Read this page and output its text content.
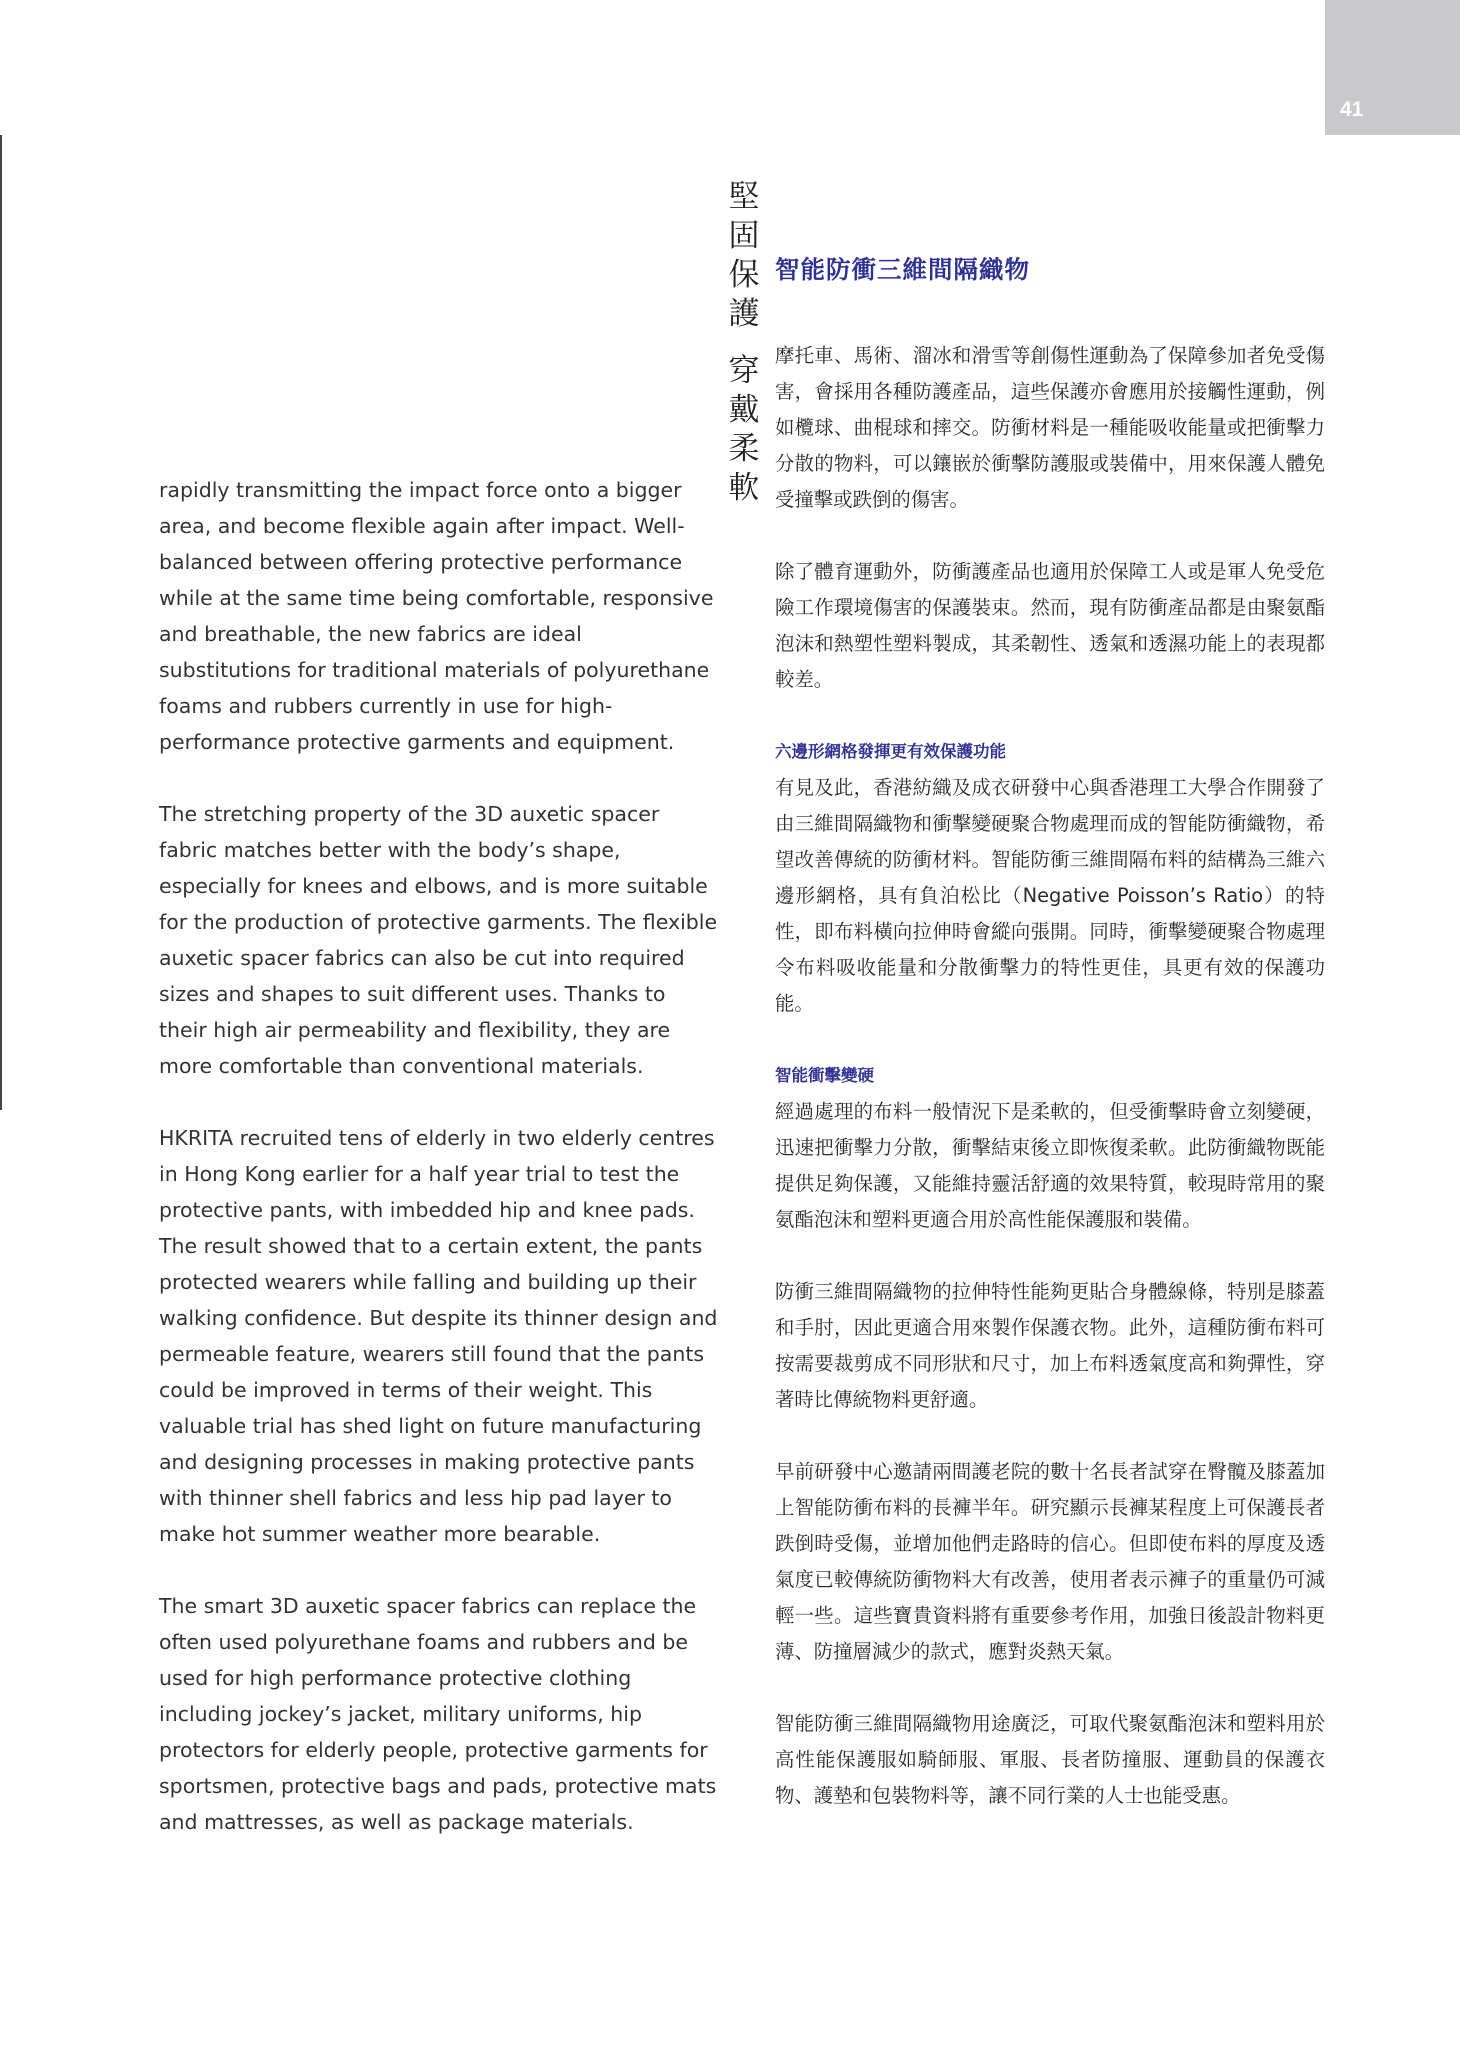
41

rapidly transmitting the impact force onto a bigger area, and become flexible again after impact. Well-balanced between offering protective performance while at the same time being comfortable, responsive and breathable, the new fabrics are ideal substitutions for traditional materials of polyurethane foams and rubbers currently in use for high-performance protective garments and equipment.

The stretching property of the 3D auxetic spacer fabric matches better with the body’s shape, especially for knees and elbows, and is more suitable for the production of protective garments. The flexible auxetic spacer fabrics can also be cut into required sizes and shapes to suit different uses. Thanks to their high air permeability and flexibility, they are more comfortable than conventional materials.

HKRITA recruited tens of elderly in two elderly centres in Hong Kong earlier for a half year trial to test the protective pants, with imbedded hip and knee pads. The result showed that to a certain extent, the pants protected wearers while falling and building up their walking confidence. But despite its thinner design and permeable feature, wearers still found that the pants could be improved in terms of their weight. This valuable trial has shed light on future manufacturing and designing processes in making protective pants with thinner shell fabrics and less hip pad layer to make hot summer weather more bearable.

The smart 3D auxetic spacer fabrics can replace the often used polyurethane foams and rubbers and be used for high performance protective clothing including jockey’s jacket, military uniforms, hip protectors for elderly people, protective garments for sportsmen, protective bags and pads, protective mats and mattresses, as well as package materials.

堅
固
保
護
穿
戴
柔
軟
智能防衝三維間隔織物

摩托車、馬術、溜冰和滑雪等創傷性運動為了保障參加者免受傷害，會採用各種防護產品，這些保護亦會應用於接觸性運動，例如欖球、曲棍球和摔交。防衝材料是一種能吸收能量或把衝擊力分散的物料，可以鑲嵌於衝擊防護服或裝備中，用來保護人體免受撞擊或跌倒的傷害。

除了體育運動外，防衝護產品也適用於保障工人或是軍人免受危險工作環境傷害的保護裝束。然而，現有防衝產品都是由聚氨酯泡沫和熱塑性塑料製成，其柔韌性、透氣和透濕功能上的表現都較差。

六邊形網格發揮更有效保護功能

有見及此，香港紡織及成衣研發中心與香港理工大學合作開發了由三維間隔織物和衝擊變硬聚合物處理而成的智能防衝織物，希望改善傳統的防衝材料。智能防衝三維間隔布料的結構為三維六邊形網格，具有負泊松比（Negative Poisson’s Ratio）的特性，即布料橫向拉伸時會縱向張開。同時，衝擊變硬聚合物處理令布料吸收能量和分散衝擊力的特性更佳，具更有效的保護功能。

智能衝擊變硬

經過處理的布料一般情況下是柔軟的，但受衝擊時會立刻變硬，迅速把衝擊力分散，衝擊結束後立即恢復柔軟。此防衝織物既能提供足夠保護，又能維持靈活舒適的效果特質，較現時常用的聚氨酯泡沫和塑料更適合用於高性能保護服和裝備。

防衝三維間隔織物的拉伸特性能夠更貼合身體線條，特別是膝蓋和手肘，因此更適合用來製作保護衣物。此外，這種防衝布料可按需要裁剪成不同形狀和尺寸，加上布料透氣度高和夠彈性，穿著時比傳統物料更舒適。

早前研發中心邀請兩間護老院的數十名長者試穿在臀髖及膝蓋加上智能防衝布料的長褲半年。研究顯示長褲某程度上可保護長者跌倒時受傷，並增加他們走路時的信心。但即使布料的厚度及透氣度已較傳統防衝物料大有改善，使用者表示褲子的重量仍可減輕一些。這些寶貴資料將有重要參考作用，加強日後設計物料更薄、防撞層減少的款式，應對炎熱天氣。

智能防衝三維間隔織物用途廣泛，可取代聚氨酯泡沫和塑料用於高性能保護服如騎師服、軍服、長者防撞服、運動員的保護衣物、護墊和包裝物料等，讓不同行業的人士也能受惠。
